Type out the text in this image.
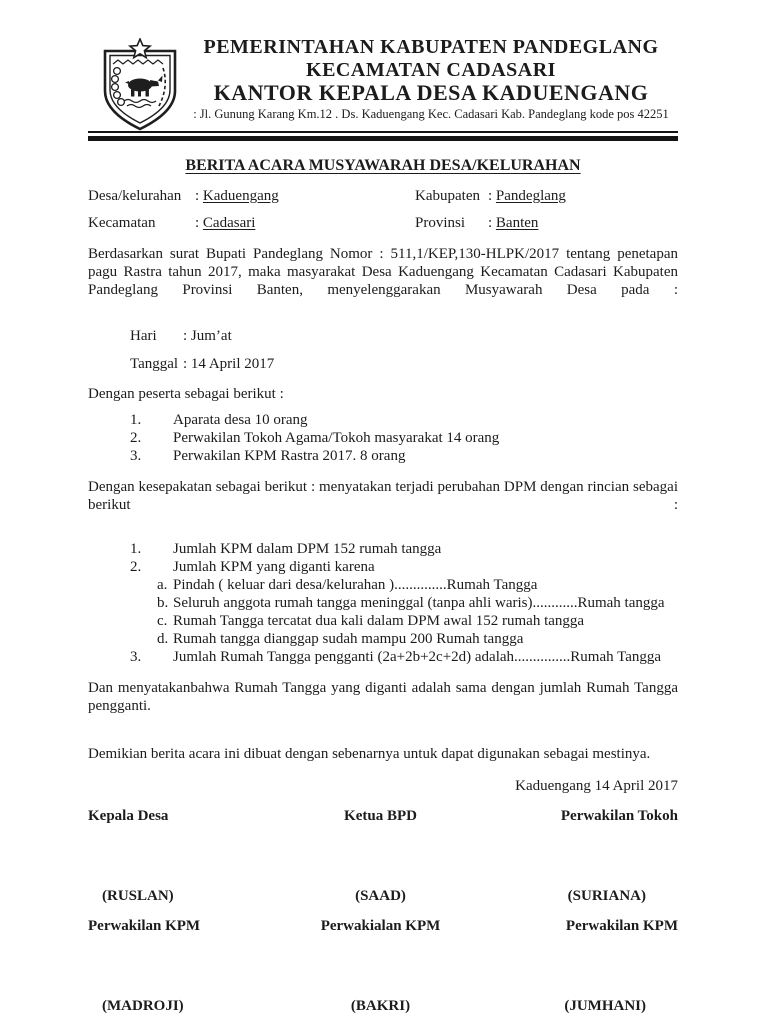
PEMERINTAHAN KABUPATEN PANDEGLANG
KECAMATAN CADASARI
KANTOR KEPALA DESA KADUENGANG
: Jl. Gunung Karang Km.12 . Ds. Kaduengang Kec. Cadasari Kab. Pandeglang kode pos 42251
BERITA ACARA MUSYAWARAH DESA/KELURAHAN
Desa/kelurahan : Kaduengang	Kabupaten : Pandeglang
Kecamatan	: Cadasari	Provinsi : Banten
Berdasarkan surat Bupati Pandeglang Nomor : 511,1/KEP,130-HLPK/2017 tentang penetapan pagu Rastra tahun 2017, maka masyarakat Desa Kaduengang Kecamatan Cadasari Kabupaten Pandeglang Provinsi Banten, menyelenggarakan Musyawarah Desa pada :
Hari : Jum’at
Tanggal : 14 April 2017
Dengan peserta sebagai berikut :
1.	Aparata desa 10 orang
2.	Perwakilan Tokoh Agama/Tokoh masyarakat 14 orang
3.	Perwakilan KPM Rastra 2017. 8 orang
Dengan kesepakatan sebagai berikut : menyatakan terjadi perubahan DPM dengan rincian sebagai berikut :
1.	Jumlah KPM dalam DPM 152 rumah tangga
2.	Jumlah KPM yang diganti karena
a. Pindah ( keluar dari desa/kelurahan )..............Rumah Tangga
b. Seluruh anggota rumah tangga meninggal (tanpa ahli waris)............Rumah tangga
c. Rumah Tangga tercatat dua kali dalam DPM awal 152 rumah tangga
d. Rumah tangga dianggap sudah mampu 200 Rumah tangga
3.	Jumlah Rumah Tangga pengganti (2a+2b+2c+2d) adalah...............Rumah Tangga
Dan menyatakanbahwa Rumah Tangga yang diganti adalah sama dengan jumlah Rumah Tangga pengganti.
Demikian berita acara ini dibuat dengan sebenarnya untuk dapat digunakan sebagai mestinya.
Kaduengang 14 April 2017
Kepala Desa	Ketua BPD	Perwakilan Tokoh
(RUSLAN)	(SAAD)	(SURIANA)
Perwakilan KPM	Perwakialan KPM	Perwakilan KPM
(MADROJI)	(BAKRI)	(JUMHANI)
